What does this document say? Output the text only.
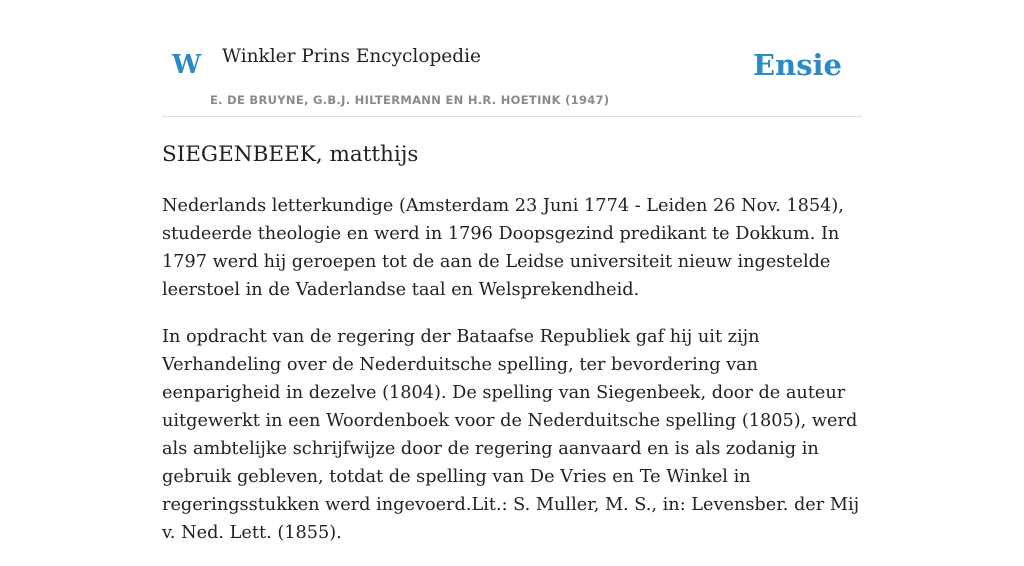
W Winkler Prins Encyclopedie
E. DE BRUYNE, G.B.J. HILTERMANN EN H.R. HOETINK (1947)
Ensie
SIEGENBEEK, matthijs

Nederlands letterkundige (Amsterdam 23 Juni 1774 - Leiden 26 Nov. 1854), studeerde theologie en werd in 1796 Doopsgezind predikant te Dokkum. In 1797 werd hij geroepen tot de aan de Leidse universiteit nieuw ingestelde leerstoel in de Vaderlandse taal en Welsprekendheid.

In opdracht van de regering der Bataafse Republiek gaf hij uit zijn Verhandeling over de Nederduitsche spelling, ter bevordering van eenparigheid in dezelve (1804). De spelling van Siegenbeek, door de auteur uitgewerkt in een Woordenboek voor de Nederduitsche spelling (1805), werd als ambtelijke schrijfwijze door de regering aanvaard en is als zodanig in gebruik gebleven, totdat de spelling van De Vries en Te Winkel in regeringsstukken werd ingevoerd.Lit.: S. Muller, M. S., in: Levensber. der Mij v. Ned. Lett. (1855).
